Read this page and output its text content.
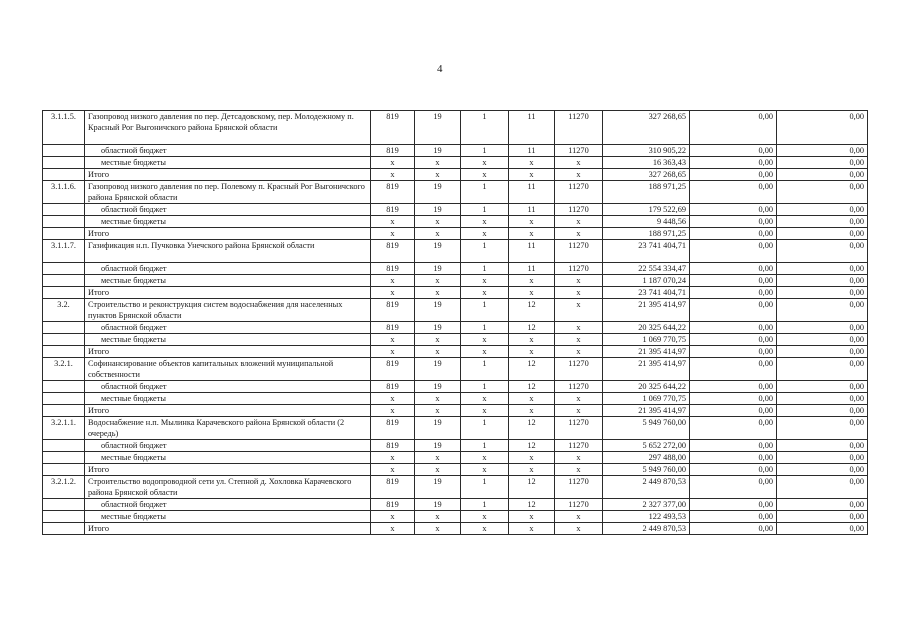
4
3.1.1.5.	Газопровод низкого давления по пер. Детсадовскому, пер. Молодежному п. Красный Рог Выгоничского района Брянской области	819	19	1	11	11270	327 268,65	0,00	0,00
	областной бюджет	819	19	1	11	11270	310 905,22	0,00	0,00
	местные бюджеты	x	x	x	x	x	16 363,43	0,00	0,00
	Итого	x	x	x	x	x	327 268,65	0,00	0,00
3.1.1.6.	Газопровод низкого давления по пер. Полевому п. Красный Рог Выгоничского района Брянской области	819	19	1	11	11270	188 971,25	0,00	0,00
	областной бюджет	819	19	1	11	11270	179 522,69	0,00	0,00
	местные бюджеты	x	x	x	x	x	9 448,56	0,00	0,00
	Итого	x	x	x	x	x	188 971,25	0,00	0,00
3.1.1.7.	Газификация н.п. Пучковка Унечского района Брянской области	819	19	1	11	11270	23 741 404,71	0,00	0,00
	областной бюджет	819	19	1	11	11270	22 554 334,47	0,00	0,00
	местные бюджеты	x	x	x	x	x	1 187 070,24	0,00	0,00
	Итого	x	x	x	x	x	23 741 404,71	0,00	0,00
3.2.	Строительство и реконструкция систем водоснабжения для населенных пунктов Брянской области	819	19	1	12	x	21 395 414,97	0,00	0,00
	областной бюджет	819	19	1	12	x	20 325 644,22	0,00	0,00
	местные бюджеты	x	x	x	x	x	1 069 770,75	0,00	0,00
	Итого	x	x	x	x	x	21 395 414,97	0,00	0,00
3.2.1.	Софинансирование объектов капитальных вложений муниципальной собственности	819	19	1	12	11270	21 395 414,97	0,00	0,00
	областной бюджет	819	19	1	12	11270	20 325 644,22	0,00	0,00
	местные бюджеты	x	x	x	x	x	1 069 770,75	0,00	0,00
	Итого	x	x	x	x	x	21 395 414,97	0,00	0,00
3.2.1.1.	Водоснабжение н.п. Мылинка Карачевского района Брянской области (2 очередь)	819	19	1	12	11270	5 949 760,00	0,00	0,00
	областной бюджет	819	19	1	12	11270	5 652 272,00	0,00	0,00
	местные бюджеты	x	x	x	x	x	297 488,00	0,00	0,00
	Итого	x	x	x	x	x	5 949 760,00	0,00	0,00
3.2.1.2.	Строительство водопроводной сети ул. Степной д. Хохловка Карачевского района Брянской области	819	19	1	12	11270	2 449 870,53	0,00	0,00
	областной бюджет	819	19	1	12	11270	2 327 377,00	0,00	0,00
	местные бюджеты	x	x	x	x	x	122 493,53	0,00	0,00
	Итого	x	x	x	x	x	2 449 870,53	0,00	0,00
